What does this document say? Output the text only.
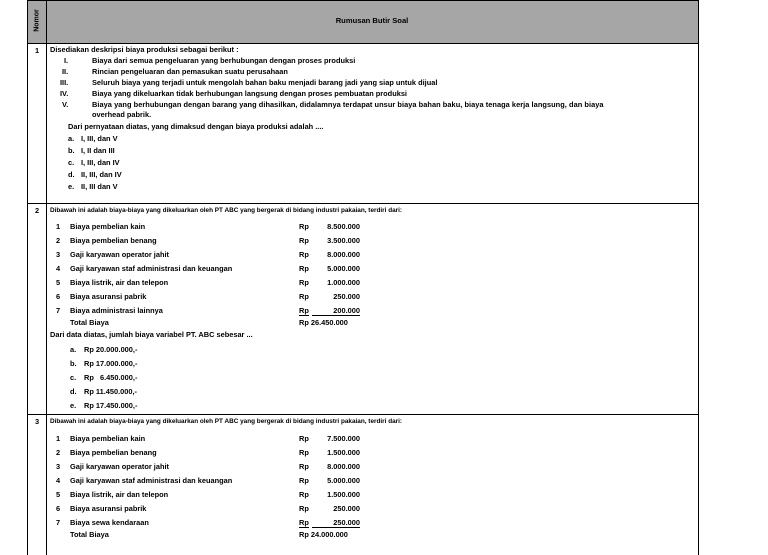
Nomor	Rumusan Butir Soal
1	Disediakan deskripsi biaya produksi sebagai berikut :
I.	Biaya dari semua pengeluaran yang berhubungan dengan proses produksi
II.	Rincian pengeluaran dan pemasukan suatu perusahaan
III.	Seluruh biaya yang terjadi untuk mengolah bahan baku menjadi barang jadi yang siap untuk dijual
IV.	Biaya yang dikeluarkan tidak berhubungan langsung dengan proses pembuatan produksi
V.	Biaya yang berhubungan dengan barang yang dihasilkan, didalamnya terdapat unsur biaya bahan baku, biaya tenaga kerja langsung, dan biaya
overhead pabrik.
Dari pernyataan diatas, yang dimaksud dengan biaya produksi adalah ....
a. I, III, dan V
b. I, II dan III
c. I, III, dan IV
d. II, III, dan IV
e. II, III dan V
2	Dibawah ini adalah biaya-biaya yang dikeluarkan oleh PT ABC yang bergerak di bidang industri pakaian, terdiri dari:
1 Biaya pembelian kain	Rp	8.500.000
2 Biaya pembelian benang	Rp	3.500.000
3 Gaji karyawan operator jahit	Rp	8.000.000
4 Gaji karyawan staf administrasi dan keuangan	Rp	5.000.000
5 Biaya listrik, air dan telepon	Rp	1.000.000
6 Biaya asuransi pabrik	Rp	250.000
7 Biaya administrasi lainnya	Rp	200.000
Total Biaya	Rp 26.450.000
Dari data diatas, jumlah biaya variabel PT. ABC sebesar ...
a. Rp 20.000.000,-
b. Rp 17.000.000,-
c. Rp   6.450.000,-
d. Rp 11.450.000,-
e. Rp 17.450.000,-
3	Dibawah ini adalah biaya-biaya yang dikeluarkan oleh PT ABC yang bergerak di bidang industri pakaian, terdiri dari:
1 Biaya pembelian kain	Rp	7.500.000
2 Biaya pembelian benang	Rp	1.500.000
3 Gaji karyawan operator jahit	Rp	8.000.000
4 Gaji karyawan staf administrasi dan keuangan	Rp	5.000.000
5 Biaya listrik, air dan telepon	Rp	1.500.000
6 Biaya asuransi pabrik	Rp	250.000
7 Biaya sewa kendaraan	Rp	250.000
Total Biaya	Rp 24.000.000
